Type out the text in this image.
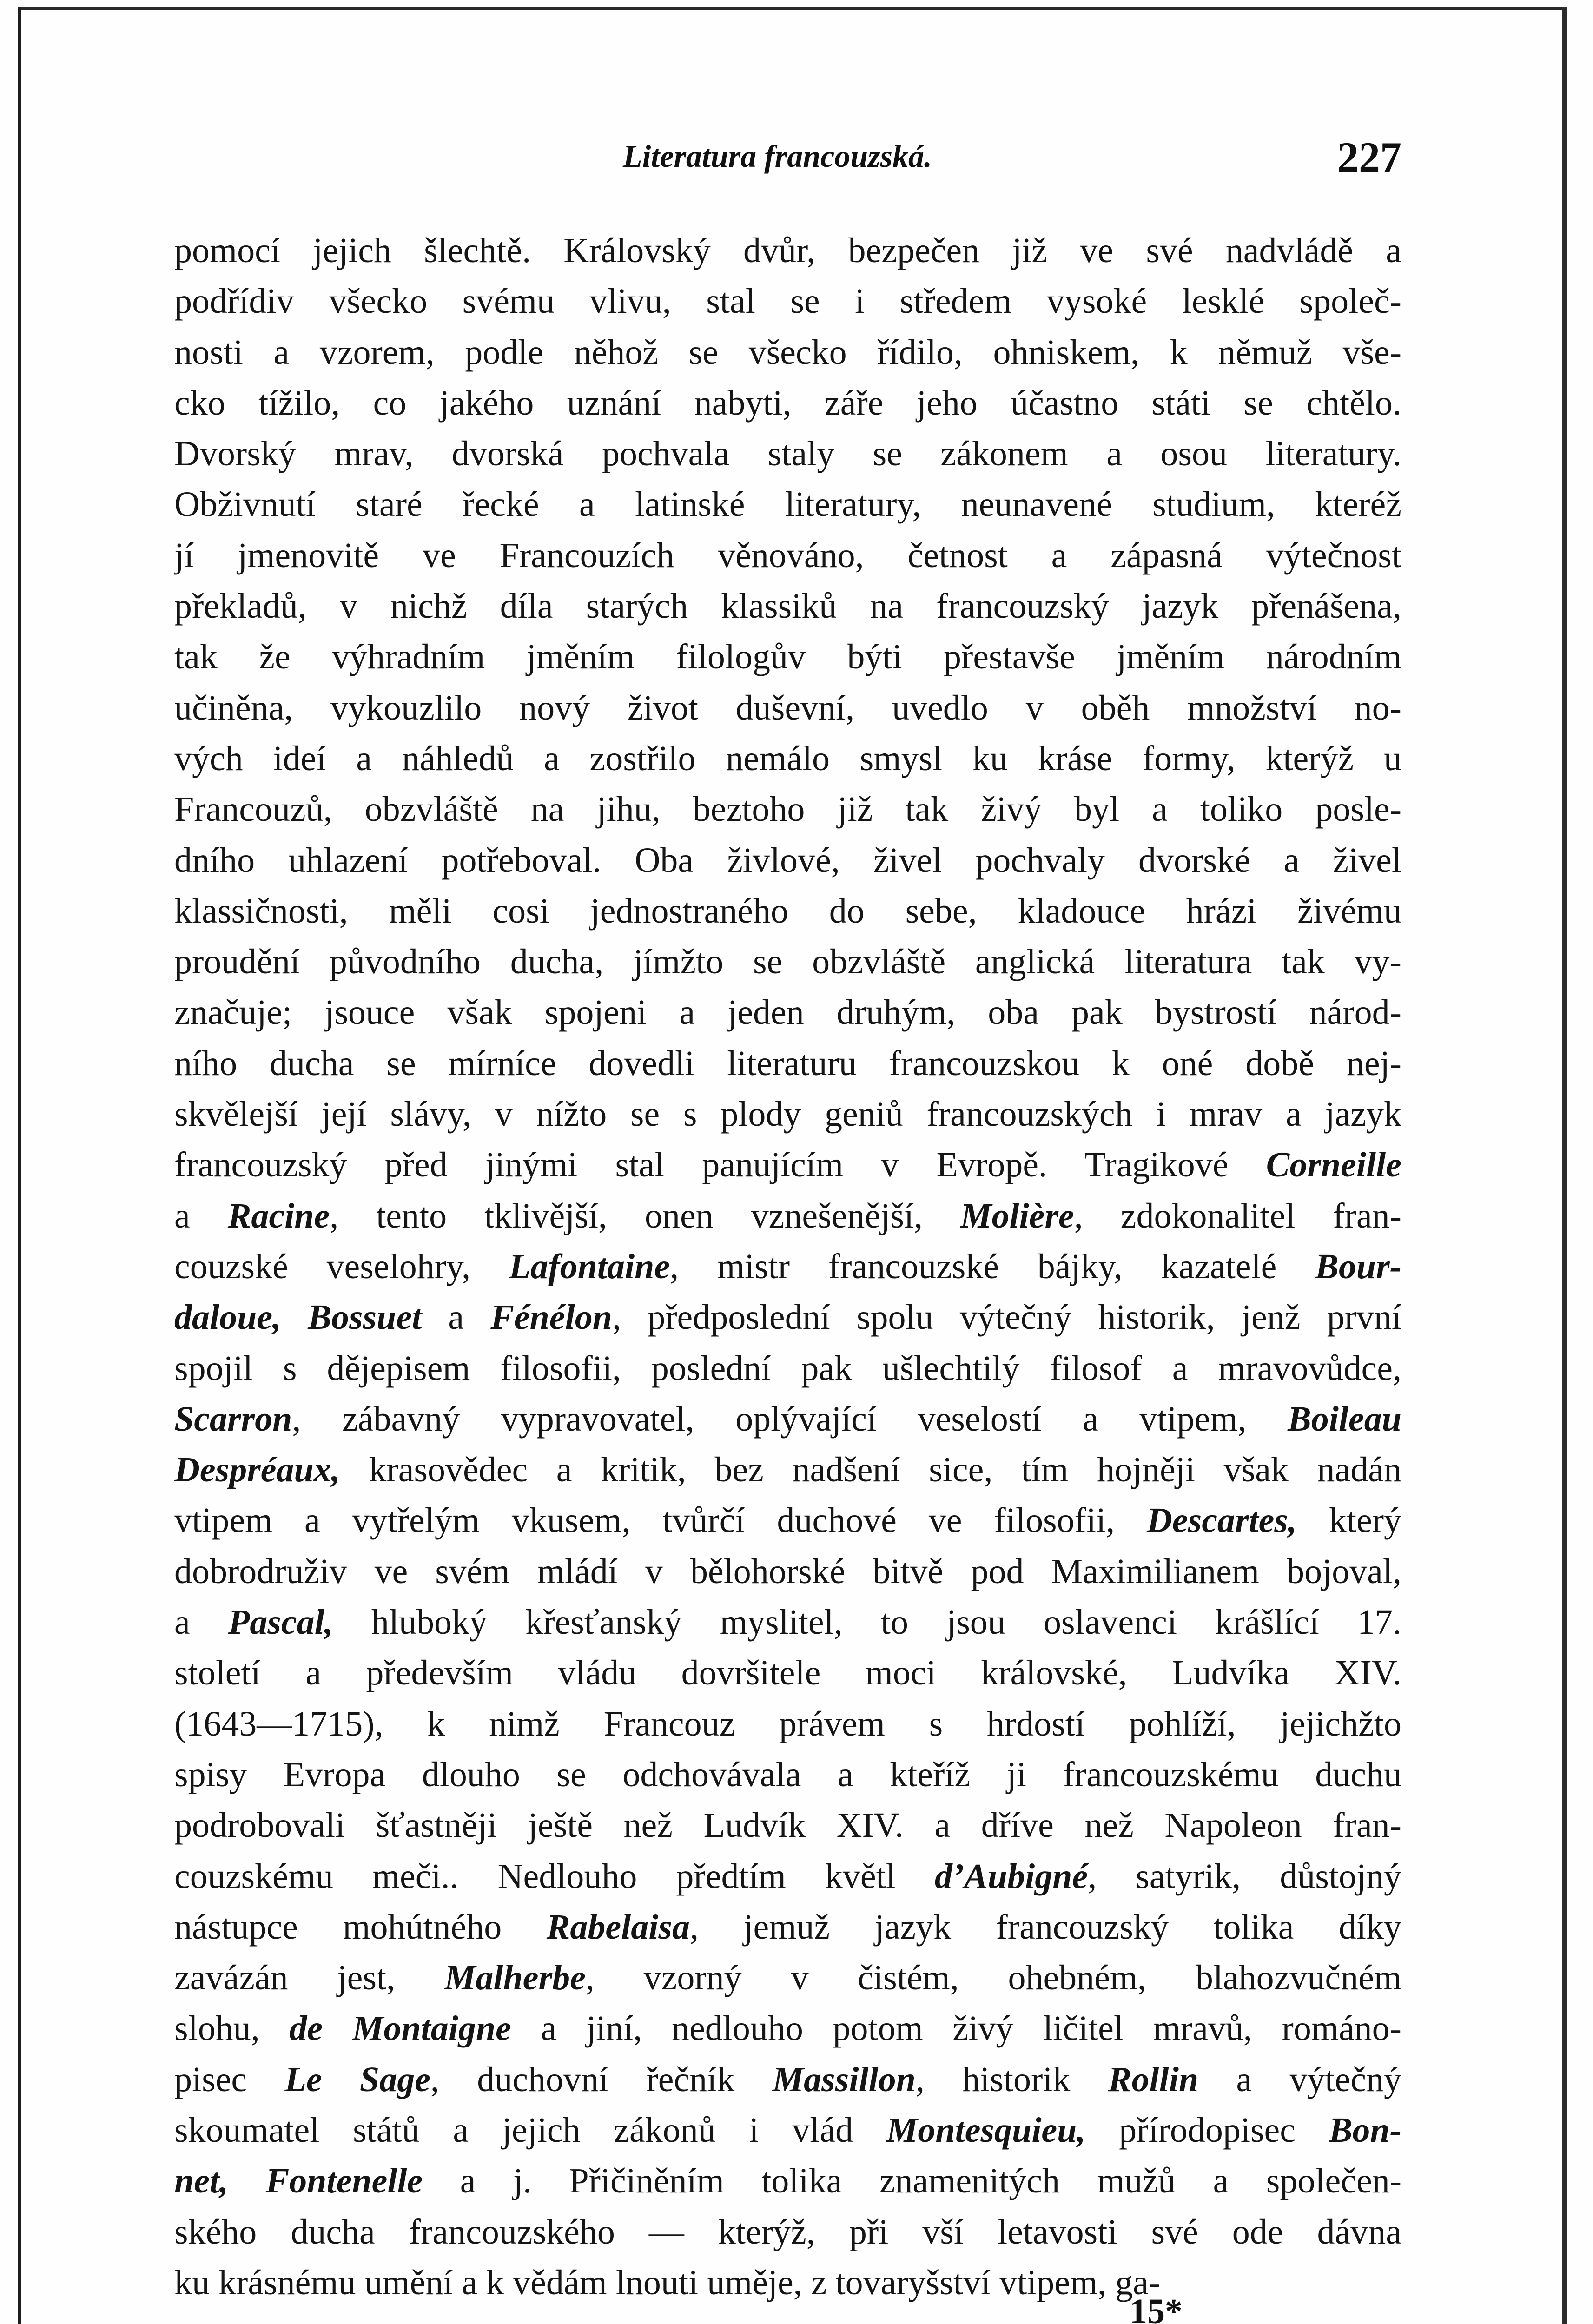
Literatura francouzská.	227
pomocí jejich šlechtě. Královský dvůr, bezpečen již ve své nadvládě a
podřídiv všecko svému vlivu, stal se i středem vysoké lesklé společ-
nosti a vzorem, podle něhož se všecko řídilo, ohniskem, k němuž vše-
cko tížilo, co jakého uznání nabyti, záře jeho účastno státi se chtělo.
Dvorský mrav, dvorská pochvala staly se zákonem a osou literatury.
Obživnutí staré řecké a latinské literatury, neunavené studium, kteréž
jí jmenovitě ve Francouzích věnováno, četnost a zápasná výtečnost
překladů, v nichž díla starých klassiků na francouzský jazyk přenášena,
tak že výhradním jměním filologův býti přestavše jměním národním
učiněna, vykouzlilo nový život duševní, uvedlo v oběh množství no-
vých ideí a náhledů a zostřilo nemálo smysl ku kráse formy, kterýž u
Francouzů, obzvláště na jihu, beztoho již tak živý byl a toliko posle-
dního uhlazení potřeboval. Oba živlové, živel pochvaly dvorské a živel
klassičnosti, měli cosi jednostraného do sebe, kladouce hrázi živému
proudění původního ducha, jímžto se obzvláště anglická literatura tak vy-
značuje; jsouce však spojeni a jeden druhým, oba pak bystrostí národ-
ního ducha se mírníce dovedli literaturu francouzskou k oné době nej-
skvělejší její slávy, v nížto se s plody geniů francouzských i mrav a jazyk
francouzský před jinými stal panujícím v Evropě. Tragikové Corneille
a Racine, tento tklivější, onen vznešenější, Molière, zdokonalitel fran-
couzské veselohry, Lafontaine, mistr francouzské bájky, kazatelé Bour-
daloue, Bossuet a Fénélon, předposlední spolu výtečný historik, jenž první
spojil s dějepisem filosofii, poslední pak ušlechtilý filosof a mravovůdce,
Scarron, zábavný vypravovatel, oplývající veselostí a vtipem, Boileau
Despréaux, krasovědec a kritik, bez nadšení sice, tím hojněji však nadán
vtipem a vytřelým vkusem, tvůrčí duchové ve filosofii, Descartes, který
dobrodruživ ve svém mládí v bělohorské bitvě pod Maximilianem bojoval,
a Pascal, hluboký křesťanský myslitel, to jsou oslavenci krášlící 17.
století a především vládu dovršitele moci královské, Ludvíka XIV.
(1643—1715), k nimž Francouz právem s hrdostí pohlíží, jejichžto
spisy Evropa dlouho se odchovávala a kteříž ji francouzskému duchu
podrobovali šťastněji ještě než Ludvík XIV. a dříve než Napoleon fran-
couzskému meči.. Nedlouho předtím květl d’Aubigné, satyrik, důstojný
nástupce mohútného Rabelaisa, jemuž jazyk francouzský tolika díky
zavázán jest, Malherbe, vzorný v čistém, ohebném, blahozvučném
slohu, de Montaigne a jiní, nedlouho potom živý ličitel mravů, románo-
pisec Le Sage, duchovní řečník Massillon, historik Rollin a výtečný
skoumatel států a jejich zákonů i vlád Montesquieu, přírodopisec Bon-
net, Fontenelle a j. Přičiněním tolika znamenitých mužů a společen-
ského ducha francouzského — kterýž, při vší letavosti své ode dávna
ku krásnému umění a k vědám lnouti uměje, z tovaryšství vtipem, ga-
15*
